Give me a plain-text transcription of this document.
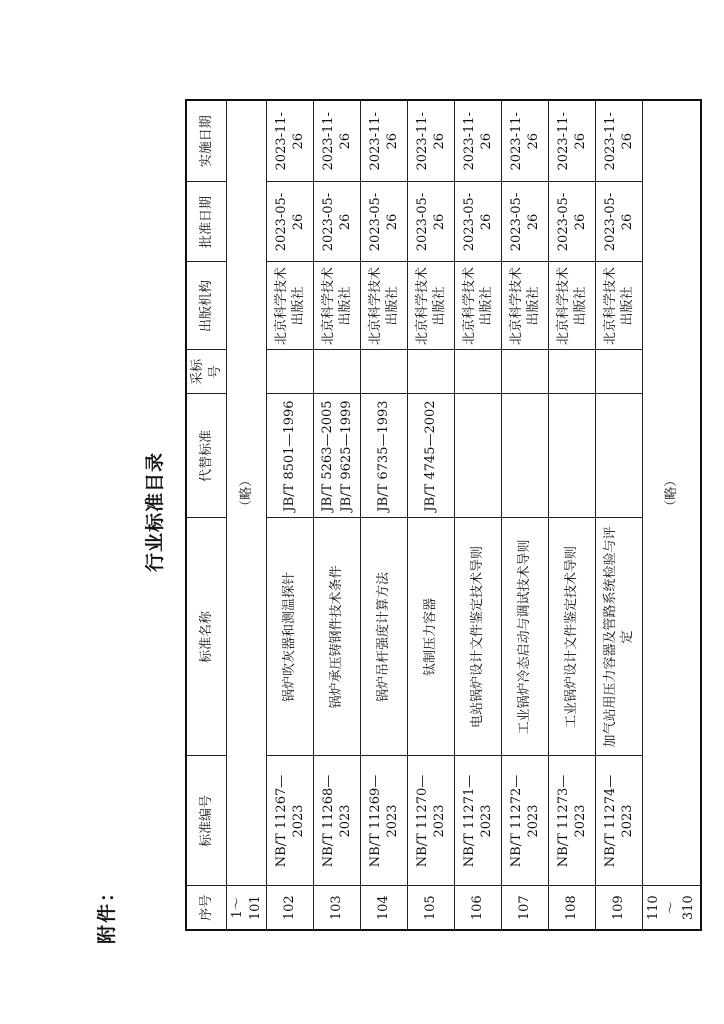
附件：
行业标准目录
序号	标准编号	标准名称	代替标准	采标号	出版机构	批准日期	实施日期
1～101	（略）						
102	NB/T 11267—2023	锅炉吹灰器和测温探针	JB/T 8501—1996		北京科学技术出版社	2023-05-26	2023-11-26
103	NB/T 11268—2023	锅炉承压铸钢件技术条件	JB/T 5263—2005 JB/T 9625—1999		北京科学技术出版社	2023-05-26	2023-11-26
104	NB/T 11269—2023	锅炉吊杆强度计算方法	JB/T 6735—1993		北京科学技术出版社	2023-05-26	2023-11-26
105	NB/T 11270—2023	钛制压力容器	JB/T 4745—2002		北京科学技术出版社	2023-05-26	2023-11-26
106	NB/T 11271—2023	电站锅炉设计文件鉴定技术导则			北京科学技术出版社	2023-05-26	2023-11-26
107	NB/T 11272—2023	工业锅炉冷态启动与调试技术导则			北京科学技术出版社	2023-05-26	2023-11-26
108	NB/T 11273—2023	工业锅炉设计文件鉴定技术导则			北京科学技术出版社	2023-05-26	2023-11-26
109	NB/T 11274—2023	加气站用压力容器及管路系统检验与评定			北京科学技术出版社	2023-05-26	2023-11-26
110～310	（略）						
